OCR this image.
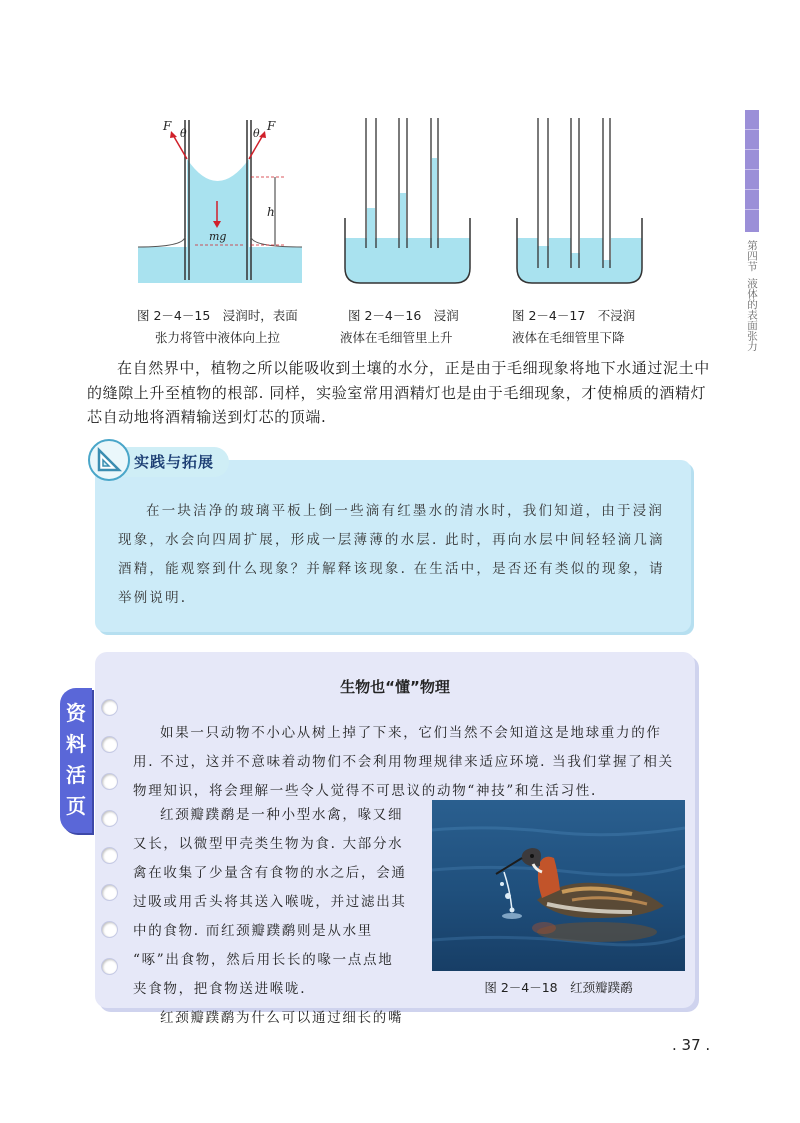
第四节
液体的表面张力
F
θ	θ
F
h
mg
图 2－4－15　浸润时，表面
张力将管中液体向上拉
图 2－4－16　浸润
液体在毛细管里上升
图 2－4－17　不浸润
液体在毛细管里下降
在自然界中，植物之所以能吸收到土壤的水分，正是由于毛细现象将地下水通过泥土中的缝隙上升至植物的根部. 同样，实验室常用酒精灯也是由于毛细现象，才使棉质的酒精灯芯自动地将酒精输送到灯芯的顶端.
实践与拓展
在一块洁净的玻璃平板上倒一些滴有红墨水的清水时，我们知道，由于浸润现象，水会向四周扩展，形成一层薄薄的水层. 此时，再向水层中间轻轻滴几滴酒精，能观察到什么现象？并解释该现象. 在生活中，是否还有类似的现象，请举例说明.
资
料
活
页
生物也“懂”物理
如果一只动物不小心从树上掉了下来，它们当然不会知道这是地球重力的作用. 不过，这并不意味着动物们不会利用物理规律来适应环境. 当我们掌握了相关物理知识，将会理解一些令人觉得不可思议的动物“神技”和生活习性.
红颈瓣蹼鹬是一种小型水禽，喙又细
又长，以微型甲壳类生物为食. 大部分水
禽在收集了少量含有食物的水之后，会通
过吸或用舌头将其送入喉咙，并过滤出其
中的食物. 而红颈瓣蹼鹬则是从水里
“啄”出食物，然后用长长的喙一点点地
夹食物，把食物送进喉咙.
红颈瓣蹼鹬为什么可以通过细长的嘴
图 2－4－18　红颈瓣蹼鹬
. 37 .
